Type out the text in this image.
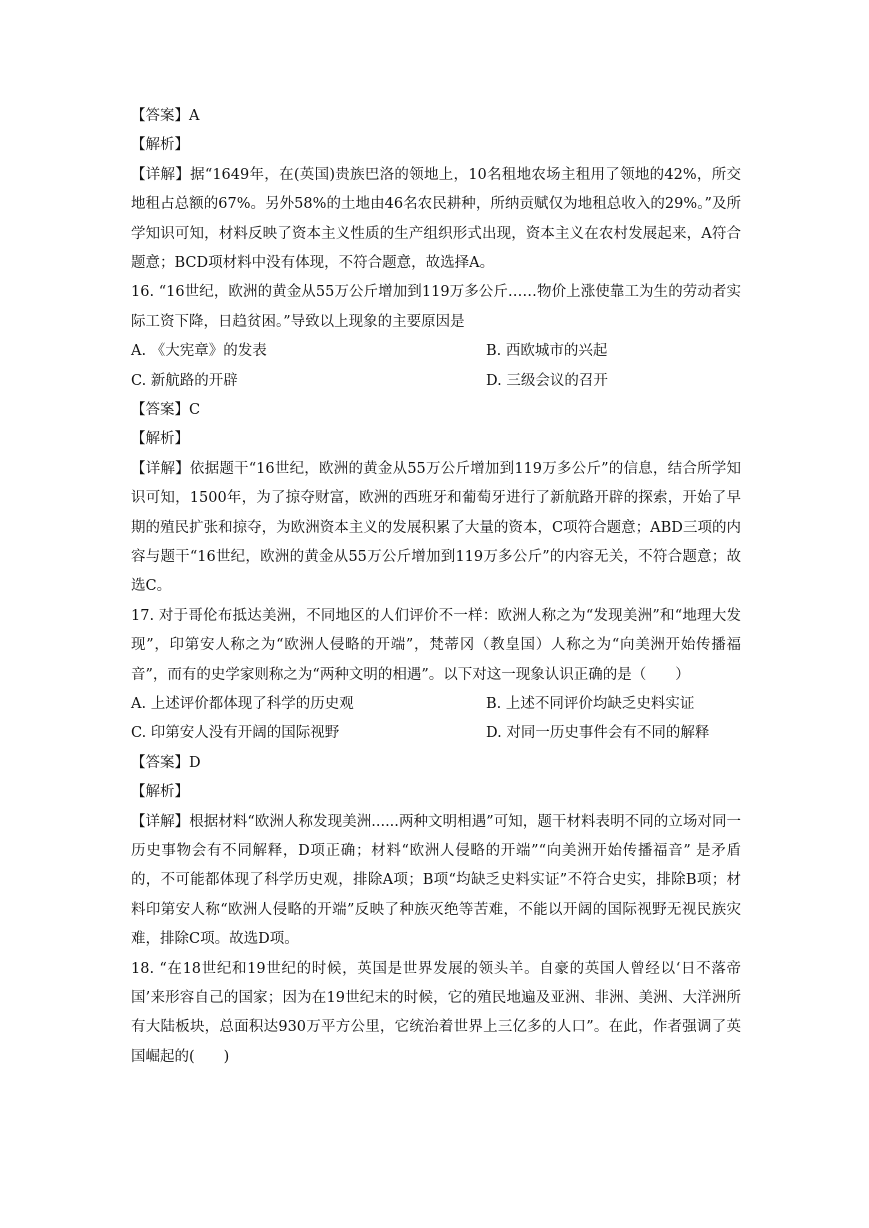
【答案】A
【解析】
【详解】据“1649年，在(英国)贵族巴洛的领地上，10名租地农场主租用了领地的42%，所交地租占总额的67%。另外58%的土地由46名农民耕种，所纳贡赋仅为地租总收入的29%。”及所学知识可知，材料反映了资本主义性质的生产组织形式出现，资本主义在农村发展起来，A符合题意；BCD项材料中没有体现，不符合题意，故选择A。
16. “16世纪，欧洲的黄金从55万公斤增加到119万多公斤……物价上涨使靠工为生的劳动者实际工资下降，日趋贫困。”导致以上现象的主要原因是
A. 《大宪章》的发表	B. 西欧城市的兴起
C. 新航路的开辟	D. 三级会议的召开
【答案】C
【解析】
【详解】依据题干“16世纪，欧洲的黄金从55万公斤增加到119万多公斤”的信息，结合所学知识可知，1500年，为了掠夺财富，欧洲的西班牙和葡萄牙进行了新航路开辟的探索，开始了早期的殖民扩张和掠夺，为欧洲资本主义的发展积累了大量的资本，C项符合题意；ABD三项的内容与题干“16世纪，欧洲的黄金从55万公斤增加到119万多公斤”的内容无关，不符合题意；故选C。
17. 对于哥伦布抵达美洲，不同地区的人们评价不一样：欧洲人称之为“发现美洲”和“地理大发现”，印第安人称之为“欧洲人侵略的开端”，梵蒂冈（教皇国）人称之为“向美洲开始传播福音”，而有的史学家则称之为“两种文明的相遇”。以下对这一现象认识正确的是（　　）
A. 上述评价都体现了科学的历史观	B. 上述不同评价均缺乏史料实证
C. 印第安人没有开阔的国际视野	D. 对同一历史事件会有不同的解释
【答案】D
【解析】
【详解】根据材料“欧洲人称发现美洲......两种文明相遇”可知，题干材料表明不同的立场对同一历史事物会有不同解释，D项正确；材料“欧洲人侵略的开端”“向美洲开始传播福音” 是矛盾的，不可能都体现了科学历史观，排除A项；B项“均缺乏史料实证”不符合史实，排除B项；材料印第安人称“欧洲人侵略的开端”反映了种族灭绝等苦难，不能以开阔的国际视野无视民族灾难，排除C项。故选D项。
18. “在18世纪和19世纪的时候，英国是世界发展的领头羊。自豪的英国人曾经以‘日不落帝国’来形容自己的国家；因为在19世纪末的时候，它的殖民地遍及亚洲、非洲、美洲、大洋洲所有大陆板块，总面积达930万平方公里，它统治着世界上三亿多的人口”。在此，作者强调了英国崛起的(　　)
